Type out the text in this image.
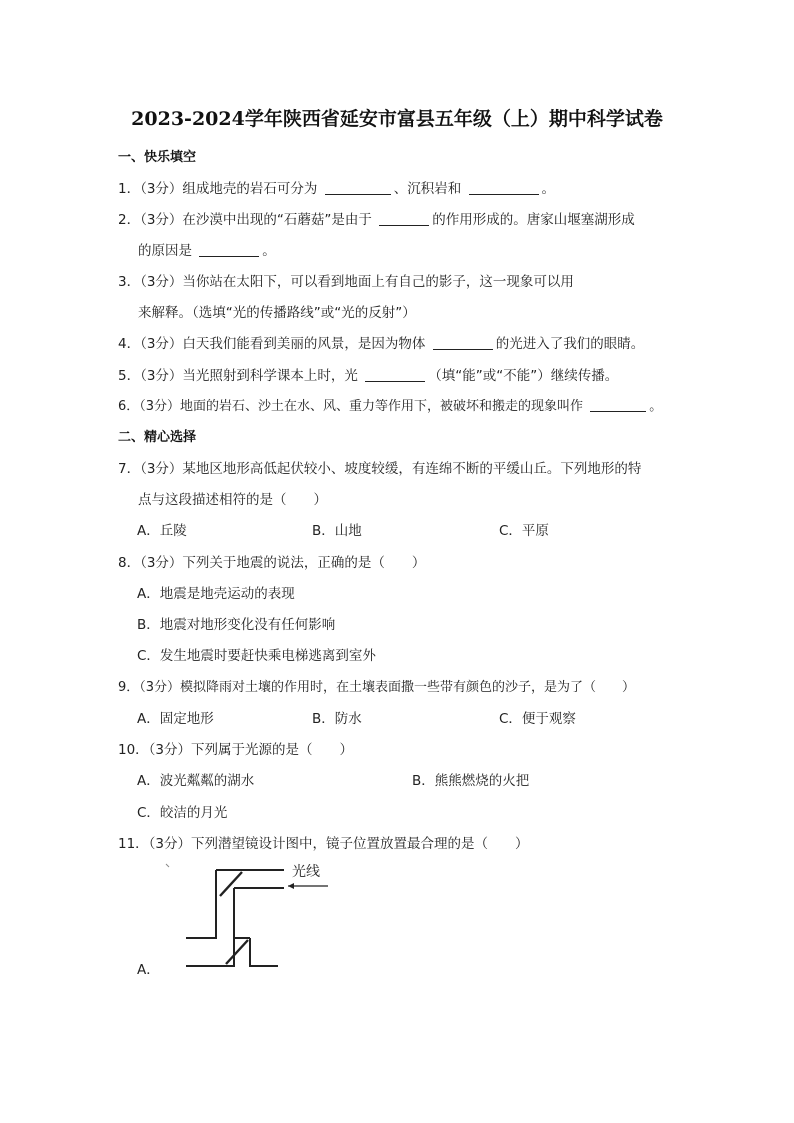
2023-2024学年陕西省延安市富县五年级（上）期中科学试卷
一、快乐填空
1．（3分）组成地壳的岩石可分为	、沉积岩和	。
2．（3分）在沙漠中出现的“石蘑菇”是由于	的作用形成的。唐家山堰塞湖形成
的原因是	。
3．（3分）当你站在太阳下，可以看到地面上有自己的影子，这一现象可以用
来解释。（选填“光的传播路线”或“光的反射”）
4．（3分）白天我们能看到美丽的风景，是因为物体	的光进入了我们的眼睛。
5．（3分）当光照射到科学课本上时，光	（填“能”或“不能”）继续传播。
6．（3分）地面的岩石、沙土在水、风、重力等作用下，被破坏和搬走的现象叫作	。
二、精心选择
7．（3分）某地区地形高低起伏较小、坡度较缓，有连绵不断的平缓山丘。下列地形的特
点与这段描述相符的是（　　）
A．丘陵	B．山地	C．平原
8．（3分）下列关于地震的说法，正确的是（　　）
A．地震是地壳运动的表现
B．地震对地形变化没有任何影响
C．发生地震时要赶快乘电梯逃离到室外
9．（3分）模拟降雨对土壤的作用时，在土壤表面撒一些带有颜色的沙子，是为了（　　）
A．固定地形	B．防水	C．便于观察
10．（3分）下列属于光源的是（　　）
A．波光粼粼的湖水	B．熊熊燃烧的火把
C．皎洁的月光
11．（3分）下列潜望镜设计图中，镜子位置放置最合理的是（　　）
光线
A．
